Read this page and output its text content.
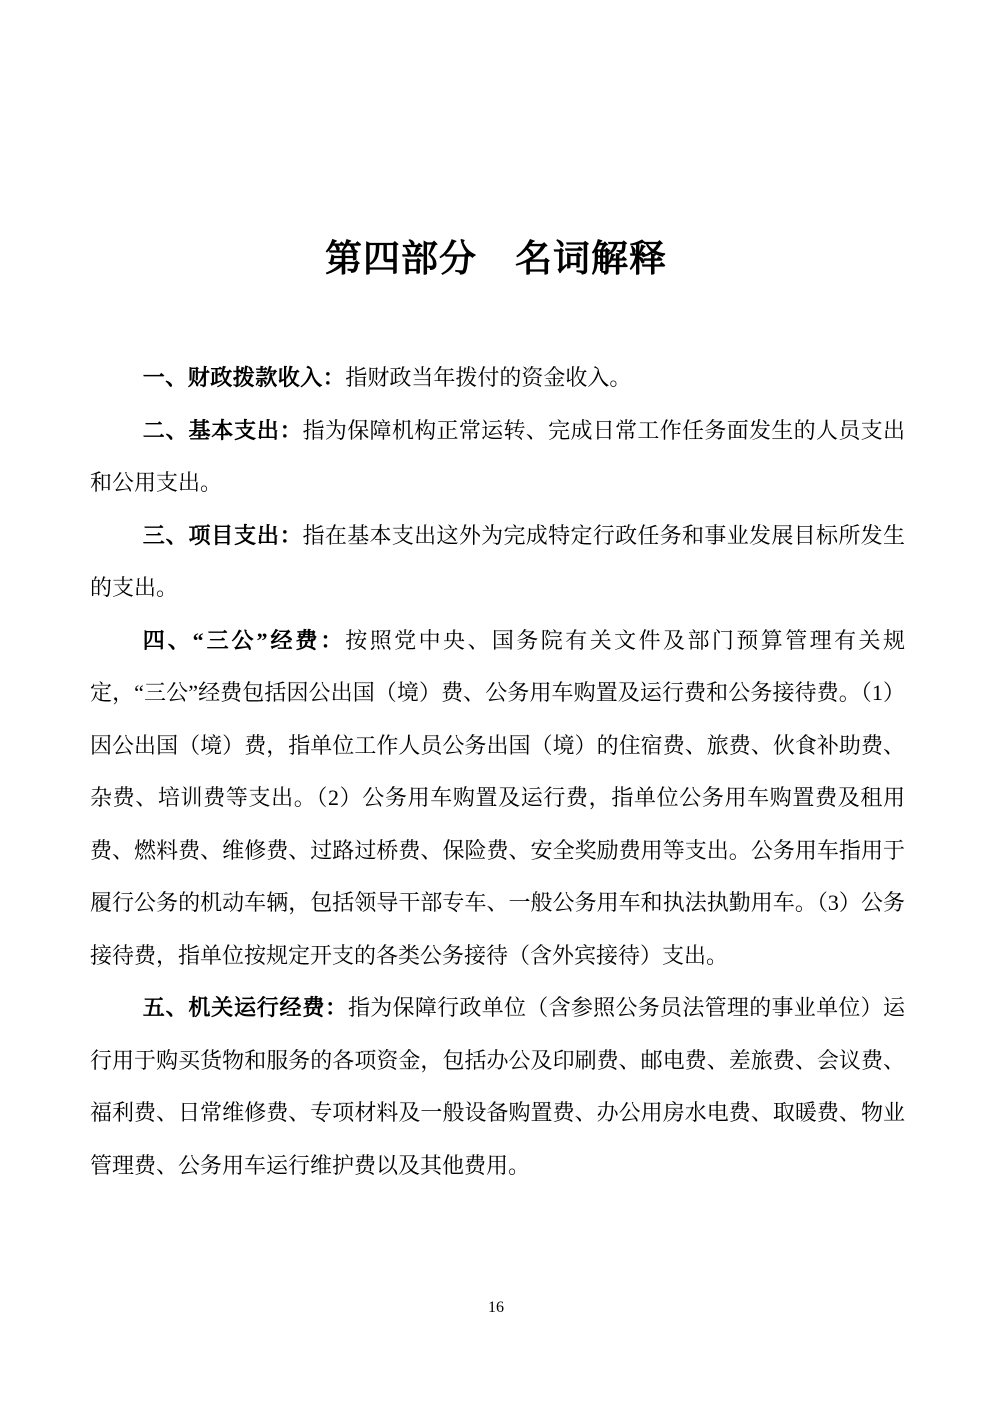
第四部分　名词解释

一、财政拨款收入：指财政当年拨付的资金收入。

二、基本支出：指为保障机构正常运转、完成日常工作任务面发生的人员支出和公用支出。

三、项目支出：指在基本支出这外为完成特定行政任务和事业发展目标所发生的支出。

四、“三公”经费：按照党中央、国务院有关文件及部门预算管理有关规定，“三公”经费包括因公出国（境）费、公务用车购置及运行费和公务接待费。（1）因公出国（境）费，指单位工作人员公务出国（境）的住宿费、旅费、伙食补助费、杂费、培训费等支出。（2）公务用车购置及运行费，指单位公务用车购置费及租用费、燃料费、维修费、过路过桥费、保险费、安全奖励费用等支出。公务用车指用于履行公务的机动车辆，包括领导干部专车、一般公务用车和执法执勤用车。（3）公务接待费，指单位按规定开支的各类公务接待（含外宾接待）支出。

五、机关运行经费：指为保障行政单位（含参照公务员法管理的事业单位）运行用于购买货物和服务的各项资金，包括办公及印刷费、邮电费、差旅费、会议费、福利费、日常维修费、专项材料及一般设备购置费、办公用房水电费、取暖费、物业管理费、公务用车运行维护费以及其他费用。

16
